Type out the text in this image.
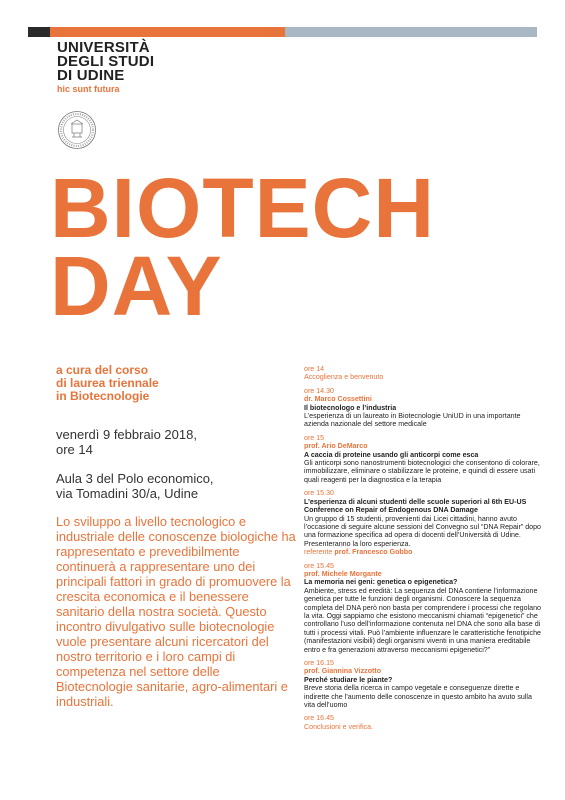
UNIVERSITÀ
DEGLI STUDI
DI UDINE
hic sunt futura
BIOTECH
DAY
a cura del corso
di laurea triennale
in Biotecnologie
venerdì 9 febbraio 2018,
ore 14
Aula 3 del Polo economico,
via Tomadini 30/a, Udine
Lo sviluppo a livello tecnologico e industriale delle conoscenze biologiche ha rappresentato e prevedibilmente continuerà a rappresentare uno dei principali fattori in grado di promuovere la crescita economica e il benessere sanitario della nostra società. Questo incontro divulgativo sulle biotecnologie vuole presentare alcuni ricercatori del nostro territorio e i loro campi di competenza nel settore delle Biotecnologie sanitarie, agro-alimentari e industriali.
ore 14
Accoglienza e benvenuto
ore 14.30
dr. Marco Cossettini
Il biotecnologo e l’industria
L’esperienza di un laureato in Biotecnologie UniUD in una importante azienda nazionale del settore medicale
ore 15
prof. Ario DeMarco
A caccia di proteine usando gli anticorpi come esca
Gli anticorpi sono nanostrumenti biotecnologici che consentono di colorare, immobilizzare, eliminare o stabilizzare le proteine, e quindi di essere usati quali reagenti per la diagnostica e la terapia
ore 15.30
L’esperienza di alcuni studenti delle scuole superiori al 6th EU-US Conference on Repair of Endogenous DNA Damage
Un gruppo di 15 studenti, provenienti dai Licei cittadini, hanno avuto l’occasione di seguire alcune sessioni del Convegno sul “DNA Repair” dopo una formazione specifica ad opera di docenti dell’Università di Udine. Presenteranno la loro esperienza.
referente prof. Francesco Gobbo
ore 15.45
prof. Michele Morgante
La memoria nei geni: genetica o epigenetica?
Ambiente, stress ed eredità: La sequenza del DNA contiene l’informazione genetica per tutte le funzioni degli organismi. Conoscere la sequenza completa del DNA però non basta per comprendere i processi che regolano la vita. Oggi sappiamo che esistono meccanismi chiamati “epigenetici” che controllano l’uso dell’informazione contenuta nel DNA che sono alla base di tutti i processi vitali. Può l’ambiente influenzare le caratteristiche fenotipiche (manifestazioni visibili) degli organismi viventi in una maniera ereditabile entro e fra generazioni attraverso meccanismi epigenetici?”
ore 16.15
prof. Giannina Vizzotto
Perché studiare le piante?
Breve storia della ricerca in campo vegetale e conseguenze dirette e indirette che l’aumento delle conoscenze in questo ambito ha avuto sulla vita dell’uomo
ore 16.45
Conclusioni e verifica.
